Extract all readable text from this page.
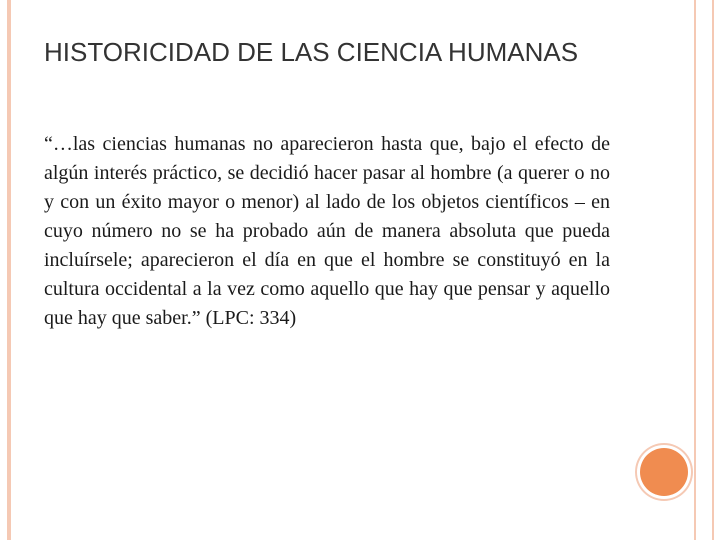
HISTORICIDAD DE LAS CIENCIA HUMANAS

“…las ciencias humanas no aparecieron hasta que, bajo el efecto de algún interés práctico, se decidió hacer pasar al hombre (a querer o no y con un éxito mayor o menor) al lado de los objetos científicos – en cuyo número no se ha probado aún de manera absoluta que pueda incluírsele; aparecieron el día en que el hombre se constituyó en la cultura occidental a la vez como aquello que hay que pensar y aquello que hay que saber.” (LPC: 334)
